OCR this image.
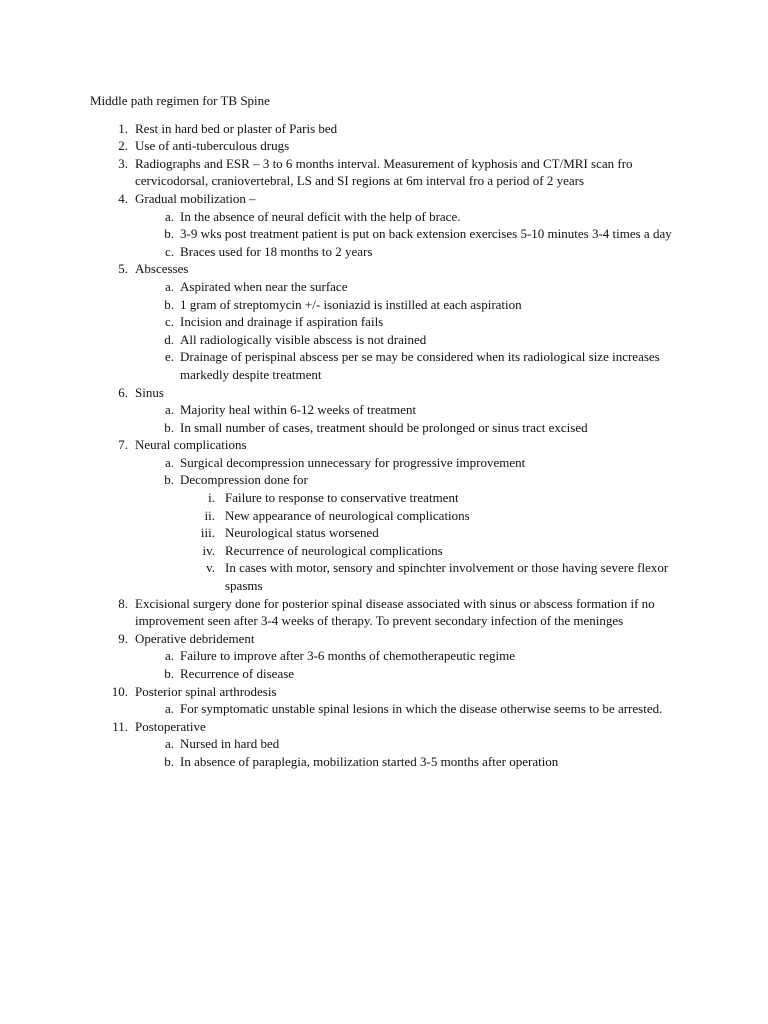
Middle path regimen for TB Spine

1. Rest in hard bed or plaster of Paris bed
2. Use of anti-tuberculous drugs
3. Radiographs and ESR – 3 to 6 months interval. Measurement of kyphosis and CT/MRI scan fro cervicodorsal, craniovertebral, LS and SI regions at 6m interval fro a period of 2 years
4. Gradual mobilization –
a. In the absence of neural deficit with the help of brace.
b. 3-9 wks post treatment patient is put on back extension exercises 5-10 minutes 3-4 times a day
c. Braces used for 18 months to 2 years
5. Abscesses
a. Aspirated when near the surface
b. 1 gram of streptomycin +/- isoniazid is instilled at each aspiration
c. Incision and drainage if aspiration fails
d. All radiologically visible abscess is not drained
e. Drainage of perispinal abscess per se may be considered when its radiological size increases markedly despite treatment
6. Sinus
a. Majority heal within 6-12 weeks of treatment
b. In small number of cases, treatment should be prolonged or sinus tract excised
7. Neural complications
a. Surgical decompression unnecessary for progressive improvement
b. Decompression done for
i. Failure to response to conservative treatment
ii. New appearance of neurological complications
iii. Neurological status worsened
iv. Recurrence of neurological complications
v. In cases with motor, sensory and spinchter involvement or those having severe flexor spasms
8. Excisional surgery done for posterior spinal disease associated with sinus or abscess formation if no improvement seen after 3-4 weeks of therapy. To prevent secondary infection of the meninges
9. Operative debridement
a. Failure to improve after 3-6 months of chemotherapeutic regime
b. Recurrence of disease
10. Posterior spinal arthrodesis
a. For symptomatic unstable spinal lesions in which the disease otherwise seems to be arrested.
11. Postoperative
a. Nursed in hard bed
b. In absence of paraplegia, mobilization started 3-5 months after operation
